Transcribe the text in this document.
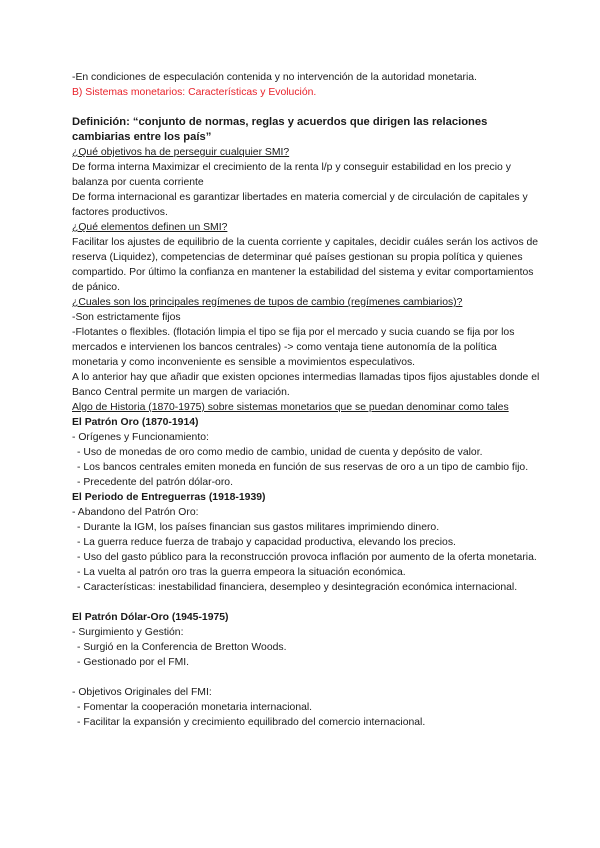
-En condiciones de especulación contenida y no intervención de la autoridad monetaria.

B) Sistemas monetarios: Características y Evolución.

Definición: “conjunto de normas, reglas y acuerdos que dirigen las relaciones cambiarias entre los país”

¿Qué objetivos ha de perseguir cualquier SMI?

De forma interna Maximizar el crecimiento de la renta l/p y conseguir estabilidad en los precio y balanza por cuenta corriente

De forma internacional es garantizar libertades en materia comercial y de circulación de capitales y factores productivos.

¿Qué elementos definen un SMI?

Facilitar los ajustes de equilibrio de la cuenta corriente y capitales, decidir cuáles serán los activos de reserva (Liquidez), competencias de determinar qué países gestionan su propia política y quienes compartido. Por último la confianza en mantener la estabilidad del sistema y evitar comportamientos de pánico.

¿Cuales son los principales regímenes de tupos de cambio (regímenes cambiarios)?

-Son estrictamente fijos

-Flotantes o flexibles. (flotación limpia el tipo se fija por el mercado y sucia cuando se fija por los mercados e intervienen los bancos centrales) -> como ventaja tiene autonomía de la política monetaria y como inconveniente es sensible a movimientos especulativos.

A lo anterior hay que añadir que existen opciones intermedias llamadas tipos fijos ajustables donde el Banco Central permite un margen de variación.

Algo de Historia (1870-1975) sobre sistemas monetarios que se puedan denominar como tales

El Patrón Oro (1870-1914)

- Orígenes y Funcionamiento:

- Uso de monedas de oro como medio de cambio, unidad de cuenta y depósito de valor.

- Los bancos centrales emiten moneda en función de sus reservas de oro a un tipo de cambio fijo.

- Precedente del patrón dólar-oro.

El Periodo de Entreguerras (1918-1939)

- Abandono del Patrón Oro:

- Durante la IGM, los países financian sus gastos militares imprimiendo dinero.

- La guerra reduce fuerza de trabajo y capacidad productiva, elevando los precios.

- Uso del gasto público para la reconstrucción provoca inflación por aumento de la oferta monetaria.

- La vuelta al patrón oro tras la guerra empeora la situación económica.

- Características: inestabilidad financiera, desempleo y desintegración económica internacional.

El Patrón Dólar-Oro (1945-1975)

- Surgimiento y Gestión:

- Surgió en la Conferencia de Bretton Woods.

- Gestionado por el FMI.

- Objetivos Originales del FMI:

- Fomentar la cooperación monetaria internacional.

- Facilitar la expansión y crecimiento equilibrado del comercio internacional.
